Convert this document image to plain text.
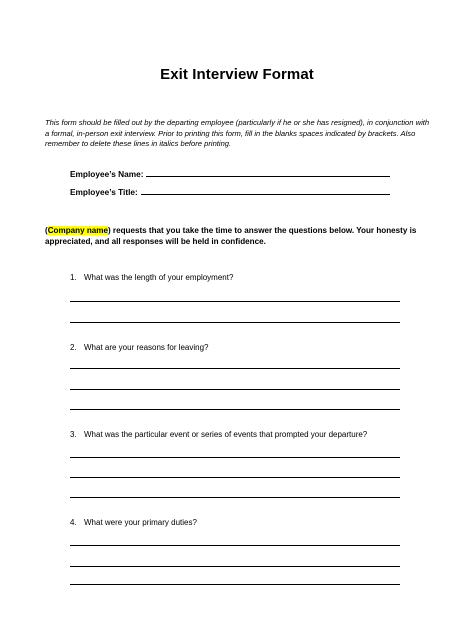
Exit Interview Format
This form should be filled out by the departing employee (particularly if he or she has resigned), in conjunction with a formal, in-person exit interview. Prior to printing this form, fill in the blanks spaces indicated by brackets. Also remember to delete these lines in italics before printing.
Employee’s Name:
Employee’s Title:
(Company name) requests that you take the time to answer the questions below. Your honesty is appreciated, and all responses will be held in confidence.
1. What was the length of your employment?
2. What are your reasons for leaving?
3. What was the particular event or series of events that prompted your departure?
4. What were your primary duties?
